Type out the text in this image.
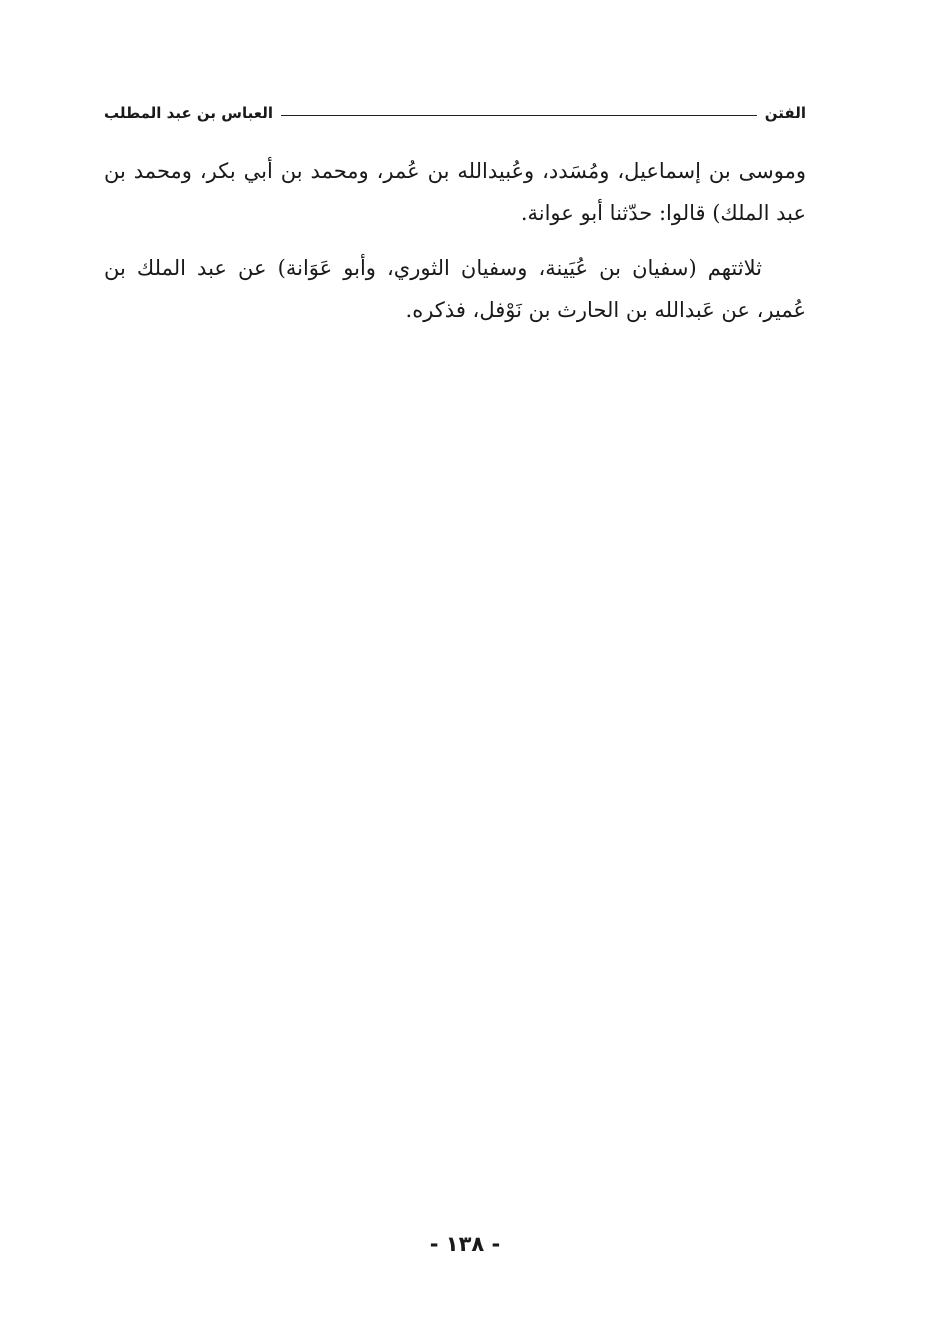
الفتن
العباس بن عبد المطلب

وموسى بن إسماعيل، ومُسَدد، وعُبيدالله بن عُمر، ومحمد بن أبي بكر، ومحمد بن عبد الملك) قالوا: حدّثنا أبو عوانة.

ثلاثتهم (سفيان بن عُيَينة، وسفيان الثوري، وأبو عَوَانة) عن عبد الملك بن عُمير، عن عَبدالله بن الحارث بن نَوْفل، فذكره.

- ١٣٨ -
